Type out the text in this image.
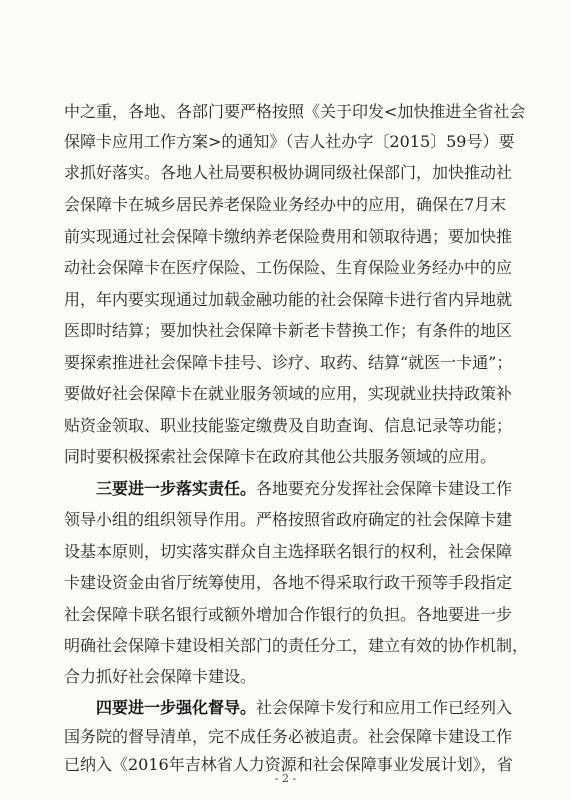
中之重，各地、各部门要严格按照《关于印发<加快推进全省社会
保障卡应用工作方案>的通知》（吉人社办字〔2015〕59号）要
求抓好落实。各地人社局要积极协调同级社保部门，加快推动社
会保障卡在城乡居民养老保险业务经办中的应用，确保在7月末
前实现通过社会保障卡缴纳养老保险费用和领取待遇；要加快推
动社会保障卡在医疗保险、工伤保险、生育保险业务经办中的应
用，年内要实现通过加载金融功能的社会保障卡进行省内异地就
医即时结算；要加快社会保障卡新老卡替换工作；有条件的地区
要探索推进社会保障卡挂号、诊疗、取药、结算“就医一卡通”；
要做好社会保障卡在就业服务领域的应用，实现就业扶持政策补
贴资金领取、职业技能鉴定缴费及自助查询、信息记录等功能；
同时要积极探索社会保障卡在政府其他公共服务领域的应用。
三要进一步落实责任。各地要充分发挥社会保障卡建设工作
领导小组的组织领导作用。严格按照省政府确定的社会保障卡建
设基本原则，切实落实群众自主选择联名银行的权利，社会保障
卡建设资金由省厅统筹使用，各地不得采取行政干预等手段指定
社会保障卡联名银行或额外增加合作银行的负担。各地要进一步
明确社会保障卡建设相关部门的责任分工，建立有效的协作机制，
合力抓好社会保障卡建设。
四要进一步强化督导。社会保障卡发行和应用工作已经列入
国务院的督导清单，完不成任务必被追责。社会保障卡建设工作
已纳入《2016年吉林省人力资源和社会保障事业发展计划》，省
- 2 -
